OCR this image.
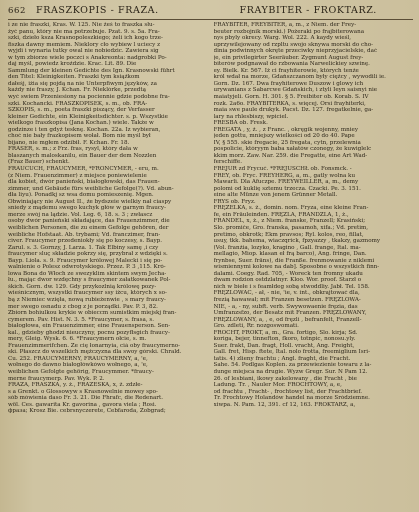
662	FRASZKOPIS - FRAZA.	FRAYBITER - FROKTARZ.
i ze nie fraszki, Kras. W. 125. Nie żeś to fraszka słu-
żyć panu, który nie ma potrzebuje. Pzat. 9. s. 5a. Fra-
szki, dzieło ksza Krasnopoleszkiego; żeli ich kogo trze-
fiszka dawny memiem. Nieklory cło wybiew l uciecy z
wyjdi i wynaria tutky owal nie nobiedzic. Zawiera sig
w tym zbiorze wiele poczci s Anakreonta: nadgrobki Po-
daj myśl, powiedz kroździe. Krac. Lit. 89. Die
Sammlung der kleinen Gedichte des Ign. Krasnowski führt
den Titel: Kleinigkeiten. Fraszki tym książkom
dałeśj, iżia się pojdą na nie Unterpfiwym języków, za
każdy nie fraszy, J. Kchan. Fr. Nieklórke, przedtą
wyć swiem Przeniesiony na pociennie gdzie podobne fra-
szki. Kochancki. FRASZKOPISEK, s. m., ob. FRA-
SZKOPIS, s. m., poeta fraszki piszący, der Verfasser
kleiner Gedichte, ein Kleinigkeitsdichter. s. p. Wszystkie
wielkogo fraszkopisa (Jana Kochan.) wiele. Także w
godzinze i ten gdyż tesknę. Kochan. 22a. Iz wybieran,
choć nie bały frazkopisem wołał. Bom nie myśl był
bijano, nie mgłem odzibił. F. Kchan. Fr. 18.
FRASER, s. m.; z Frz. fras, rysyl, który dała w
blaszanych maloskanilu, ein Bauer der dem Nozzlen
(Fraz Bauer) schenkt.
FRAUCUCH, FRAUCYMER, *FRONCYMER, - eru, m.
(z Niem. Frauenzimmer) z miejsce poniewielenie
dla kobiet, dwór panieński, białogłowski, das Frauen-
zimmer, und Gebäude fürs weibliche Gefolge(?). Vd. abun-
dła liyu). Ponadkj sz wsa domu pomieszenię. Mgen.
Obwiniający nie August II., źe bydszeie wielkiy nał ciaspy
sniedy z mądemu swego kuchyk głów w garnym fraucy-
merze swój na lądzie. Vol. Leg. 6, 18. s. 3 ; zwłascz
osoby dwór panieński składające, das Frauenzimmer, die
weiblichen Personen, die zu einem Gefolge gehören, der
weibliche Hofstaat. Ab. trybami; Vd. franczimer, fran-
civer. Fraucymer przedeniokły się po koczesy, s. Bayp.
Zarul. s. 3. Gornzy, J. Larza. 1. Tak Elbiny samę ,i czy
fraucymer sluç składzie pokrzy się, przybrał z wdzięki s.
Bayp. Liola. s. 9. Fraucymer królowej Malecki i się po-
walnienie o Polesz odwrotyskiego. Przez. P. 3 ,115. Kró-
lowa Bona do Włoch ze swezyklim skintem swym Jecha-
łu., mając dwor wzdęchny s fraucymer załatkowanek Pol-
śkich. Gorn. dw. 129. Gdy przykozlnią królowę pozy-
wieśnicznym, wszystki fraucymer ssy iżcu, których x so-
bą z Niemiec wzięła, nową rubieżenwie , s mary fraucy-
mer swego osnadu z cbog z je porządki. Pav. P. 3, 82.
Zbiorn bohiulkou krykie w obieccm sumistkim miejskj fran-
cymerem. Pav. Hist. N. 3. 5. *Fraucymer, s. frasa, s.
białogłowa, ein Frauenzimmer, eine Frauensperson. Sen-
kal., gdzieby ghodzi nieuczyny, pocnu pozyfłsgich fraucy-
mery, Gleig. Wysk. 6. 6. *Fraucymern ołcie, s. m.
Frauenzimmerifchen. Ze cię łonarnyia, ciá oby fraucymerno-
ski. Płaszcz do wszelkich mężczyzna dla swoy górski. Chrald.
Cu. 252. FRAUCYMERNY, FRAUCYMERNY, a, 'e,
wołnego do dawno białogłówkówo wołnego, a, 'e,
weiblichen Gefolgte gehörig, Fraucymmer. *fraucy-
merne fraucymerp. Pav. Wyk. P. 2.
FRAZA, FRASZKA, y. ż., FRAZESKA, x, ż. zdzłe-
s a Grenkt. o Glossowyw s Krasnowelnie mowey spo-
sób mówienia daso Fr. 3. 21. Die Fhrafc, die Redenart.
wöl. Ces. gawarita Kr. gavorina , gavora viela ; Rosi.
фраза; Krosz Bie. cebrsnyczerete, Cebfaroda, Zobgrad;
FRAYBITER, FREYBITER, a, m., z Niem. der Frey-
beuter rozbojnik morski.) Pożeraki po frajbiterowana
nys pbyly okrecy. Warg. Wol. 222. A kaydy wieśl,
uprzywilejowany od rzpltu swojo sknywa morski do cho-
dinia podwinnych okręte przeciwky nieprzyjacielskie, dać
je, ein privilegirter Seeräuber. Zygmunt August frey-
biterów podgnawał do rzbowania Narwelickiey szwinę.
ey. Bielk. Kr. 567. Iż ci frayhiterowie, których tenże
król wdał na morze, Gdańszczanom były ciężcy , wywodili ie.
Gorn. Dz. 167. Dwa frayhiterowe Duszow i glowy ich
urywanians z Sabarcwe Gdańskich, i ztyli Ieyn saisnyi nie
maiatyjeli. Gorn. H. 301. § 5. Freibiter ob. Korab. Ś. IV
rozk. 2a6o. FRAYBITERKA, s. więcej. Orsi frayhiterki,
maia swe paule drukyk. Pacst. Dz. 127. fregatkelnie, ga-
lary na rhlesbiszy, wpiciel.
FRESBA ob. Fresk.
FREGATA , y, ż. , z Franc. , okręgik wojenny, mniey
jeden gottu, mniejszy wielkości od 20 do 40. Pape
IV, § 555. skie fregacie, 25 fregata, cytn, przelewnia
pospolicie, któryym baba xałatów czonegy, że kuwiglelc
kkim morz. Zaw. Nar. 259. die Fregatte, eine Art Wad-
ferschiffe.
FREJUR zd Frycuć. *FREJUSCHŁ ob. Fonsmck. -
FREY, ob. Fryc. FREYHERG, a, m., gatly wolna ku
Mawarli. Dla Afuczpe. FREYWEILLER, a, m., demy
polomi od kuklię sztemu trzecza. Czacki. Pe. 3. 151.
eine alte Münze von jenem Grünner Metall.
FRYS ob. Fryz.
FRĘZELKA, s. ż., domin. nom. Fryza, eine kleine Fran-
fe, ein Fräuleinden. FRĘZLA, FRANDZLA, 1, ż.,
FRANDEL, x, ż., z Niem. franske, Franzell; Krasiński;
Slo. promiče, Gro. franska, pasamoh, xifa.; Vd. pretim,
pretimo, obkrotk; Ekm pravsos; Ryl. kolos, reo, fillat,
usuy, tkk. bahema, wiaczqrick, fpzyazzy , tkakzy, gazmomy
(Vol. franżia, lozyko, kragino , Gall. frange, Ital. ma-
mellagio, Miop. klasan eł frą barco), Ang. fringe, Dan.
frynbse, Suer. fräns), die Franße. frenmowanie z niklemi
wismiennymi kolowe na dab]. Sposobne o wszystkich finn-
dalami. Coegy. Rad. 705, - Woreck ten fromny ukadu
dwam rodzion ostdzlatnyr. Kloo. Wor. proof. Starzł o
nich w biełe i s feamłdeg sobą stwoddliy. Jabł. Tel. 158.
FRĘZLOWAC, - ał, - nie, 'ie, v. int., obkrajtować dla,
frezią hawawał; mit Franzen besetzen. FRĘZLOWA-
NIE, - a, - ny, subft. verb. Swywowaenie fręzia, das
Umfranzsfzo, der Besatz mit Franzen. FRĘZLOWANY,
FRĘZLOWANY, a, , e, od fręzli , befranfelt, Franzell-
Gro. zdleti, Rr. nozgoswomati.
FROCHT, FROKT, a, m., Gra. fortigo, Slo. kirja; Sd.
koriga, bejer, tinnefton, fkoro, totnpic, nonosu.yly.
Suer. frakt, Dan. fragt, Holl. vracht, Ang. Freight,
Gall. fret, Hisp. ftete, Ital. nolo frotta, freemiglium Isri-
tatis. 4) zlieny frachtu ; Angl. fraght, die Fracht.
Sahe. 54. Podlgas Koplen. za przewiezienie towaru z la-
dunge miejsca na drugie. Wyzw Gregr. Sur. N Pam 12.
26. of lesbiani, ikowy zakelowany , die Fracht , bie
Ladung. Tr. , Nauler Mor. FROCHTOWY, a, e,
od frachtu , Fracht- , frochtowy list, der Frachtbrief.
Tr. Frochtowy Holandów handel na morze Śródziemne.
xiwpa. N. Pam. 12, 391. cf 12, 163. FROKTARZ, a,
